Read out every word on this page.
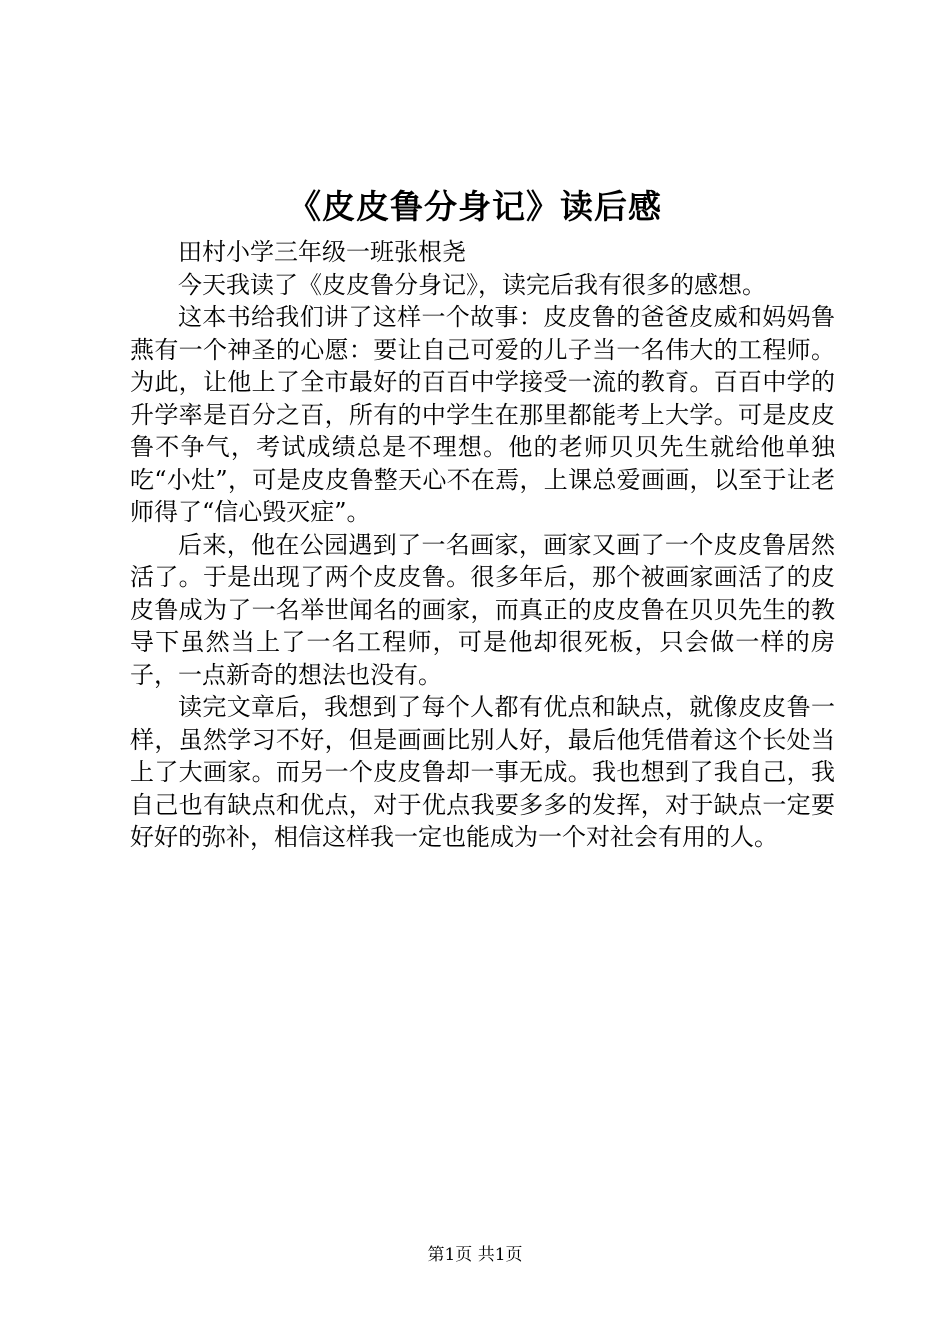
《皮皮鲁分身记》读后感

田村小学三年级一班张根尧

今天我读了《皮皮鲁分身记》，读完后我有很多的感想。

这本书给我们讲了这样一个故事：皮皮鲁的爸爸皮威和妈妈鲁燕有一个神圣的心愿：要让自己可爱的儿子当一名伟大的工程师。为此，让他上了全市最好的百百中学接受一流的教育。百百中学的升学率是百分之百，所有的中学生在那里都能考上大学。可是皮皮鲁不争气，考试成绩总是不理想。他的老师贝贝先生就给他单独吃“小灶”，可是皮皮鲁整天心不在焉，上课总爱画画，以至于让老师得了“信心毁灭症”。

后来，他在公园遇到了一名画家，画家又画了一个皮皮鲁居然活了。于是出现了两个皮皮鲁。很多年后，那个被画家画活了的皮皮鲁成为了一名举世闻名的画家，而真正的皮皮鲁在贝贝先生的教导下虽然当上了一名工程师，可是他却很死板，只会做一样的房子，一点新奇的想法也没有。

读完文章后，我想到了每个人都有优点和缺点，就像皮皮鲁一样，虽然学习不好，但是画画比别人好，最后他凭借着这个长处当上了大画家。而另一个皮皮鲁却一事无成。我也想到了我自己，我自己也有缺点和优点，对于优点我要多多的发挥，对于缺点一定要好好的弥补，相信这样我一定也能成为一个对社会有用的人。

第1页 共1页
